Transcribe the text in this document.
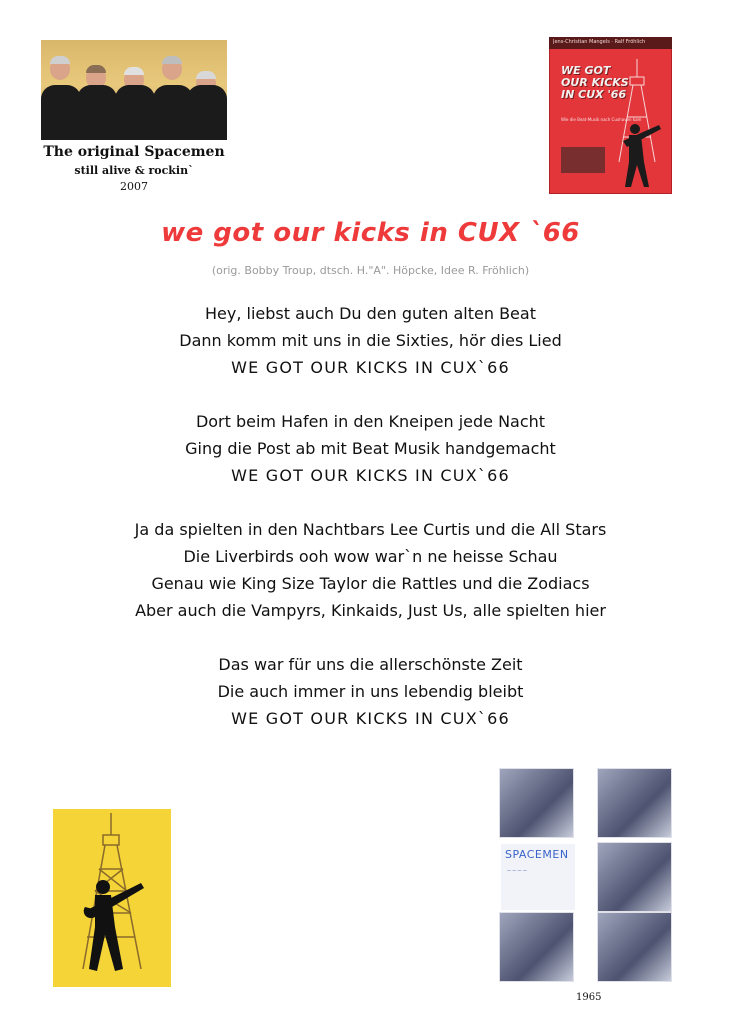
The original Spacemen
still alive & rockin`
2007
Jens-Christian Mangels · Ralf Fröhlich
WE GOT
OUR KICKS
IN CUX '66
Wie die Beat-Musik nach Cuxhaven kam
we got our kicks in CUX `66
(orig. Bobby Troup, dtsch. H."A". Höpcke, Idee R. Fröhlich)
Hey, liebst auch Du den guten alten Beat
Dann komm mit uns in die Sixties, hör dies Lied
WE GOT OUR KICKS IN CUX`66
Dort beim Hafen in den Kneipen jede Nacht
Ging die Post ab mit Beat Musik handgemacht
WE GOT OUR KICKS IN CUX`66
Ja da spielten in den Nachtbars Lee Curtis und die All Stars
Die Liverbirds ooh wow war`n ne heisse Schau
Genau wie King Size Taylor die Rattles und die Zodiacs
Aber auch die Vampyrs, Kinkaids, Just Us, alle spielten hier
Das war für uns die allerschönste Zeit
Die auch immer in uns lebendig bleibt
WE GOT OUR KICKS IN CUX`66
SPACEMEN
— — — —
1965
